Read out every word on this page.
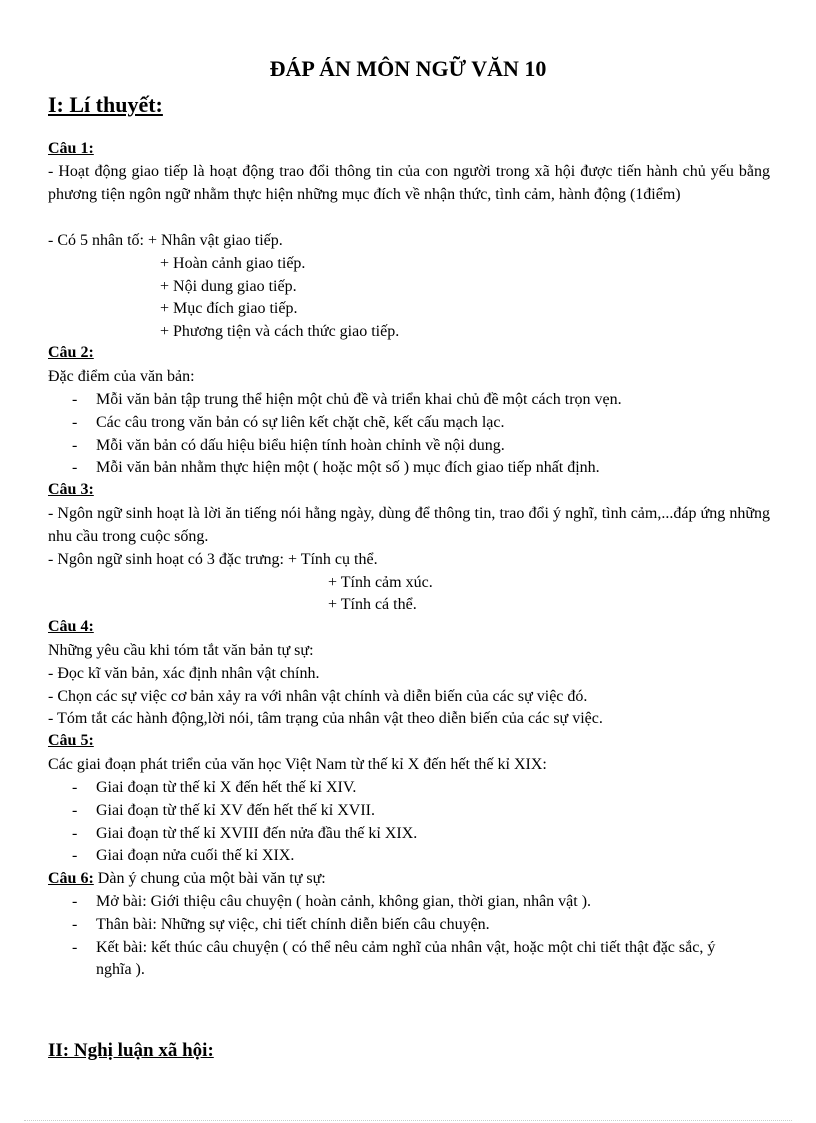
ĐÁP ÁN MÔN NGỮ VĂN 10
I: Lí thuyết:
Câu 1:
- Hoạt động giao tiếp là hoạt động trao đổi thông tin của con người trong xã hội được tiến hành chủ yếu bằng phương tiện ngôn ngữ nhằm thực hiện những mục đích về nhận thức, tình cảm, hành động (1điểm)
- Có 5 nhân tố: + Nhân vật giao tiếp.
+ Hoàn cảnh giao tiếp.
+ Nội dung giao tiếp.
+ Mục đích giao tiếp.
+ Phương tiện và cách thức giao tiếp.
Câu 2:
Đặc điểm của văn bản:
- Mỗi văn bản tập trung thể hiện một chủ đề và triển khai chủ đề một cách trọn vẹn.
- Các câu trong văn bản có sự liên kết chặt chẽ, kết cấu mạch lạc.
- Mỗi văn bản có dấu hiệu biểu hiện tính hoàn chỉnh về nội dung.
- Mỗi văn bản nhằm thực hiện một ( hoặc một số ) mục đích giao tiếp nhất định.
Câu 3:
- Ngôn ngữ sinh hoạt là lời ăn tiếng nói hằng ngày, dùng để thông tin, trao đổi ý nghĩ, tình cảm,...đáp ứng những nhu cầu trong cuộc sống.
- Ngôn ngữ sinh hoạt có 3 đặc trưng: + Tính cụ thể.
+ Tính cảm xúc.
+ Tính cá thể.
Câu 4:
Những yêu cầu khi tóm tắt văn bản tự sự:
- Đọc kĩ văn bản, xác định nhân vật chính.
- Chọn các sự việc cơ bản xảy ra với nhân vật chính và diễn biến của các sự việc đó.
- Tóm tắt các hành động,lời nói, tâm trạng của nhân vật theo diễn biến của các sự việc.
Câu 5:
Các giai đoạn phát triển của văn học Việt Nam từ thế kỉ X đến hết thế kỉ XIX:
- Giai đoạn từ thế kỉ X đến hết thế kỉ XIV.
- Giai đoạn từ thế kỉ XV đến hết thế kỉ XVII.
- Giai đoạn từ thế kỉ XVIII đến nửa đầu thế kỉ XIX.
- Giai đoạn nửa cuối thế kỉ XIX.
Câu 6: Dàn ý chung của một bài văn tự sự:
- Mở bài: Giới thiệu câu chuyện ( hoàn cảnh, không gian, thời gian, nhân vật ).
- Thân bài: Những sự việc, chi tiết chính diễn biến câu chuyện.
- Kết bài: kết thúc câu chuyện ( có thể nêu cảm nghĩ của nhân vật, hoặc một chi tiết thật đặc sắc, ý nghĩa ).
II: Nghị luận xã hội:
